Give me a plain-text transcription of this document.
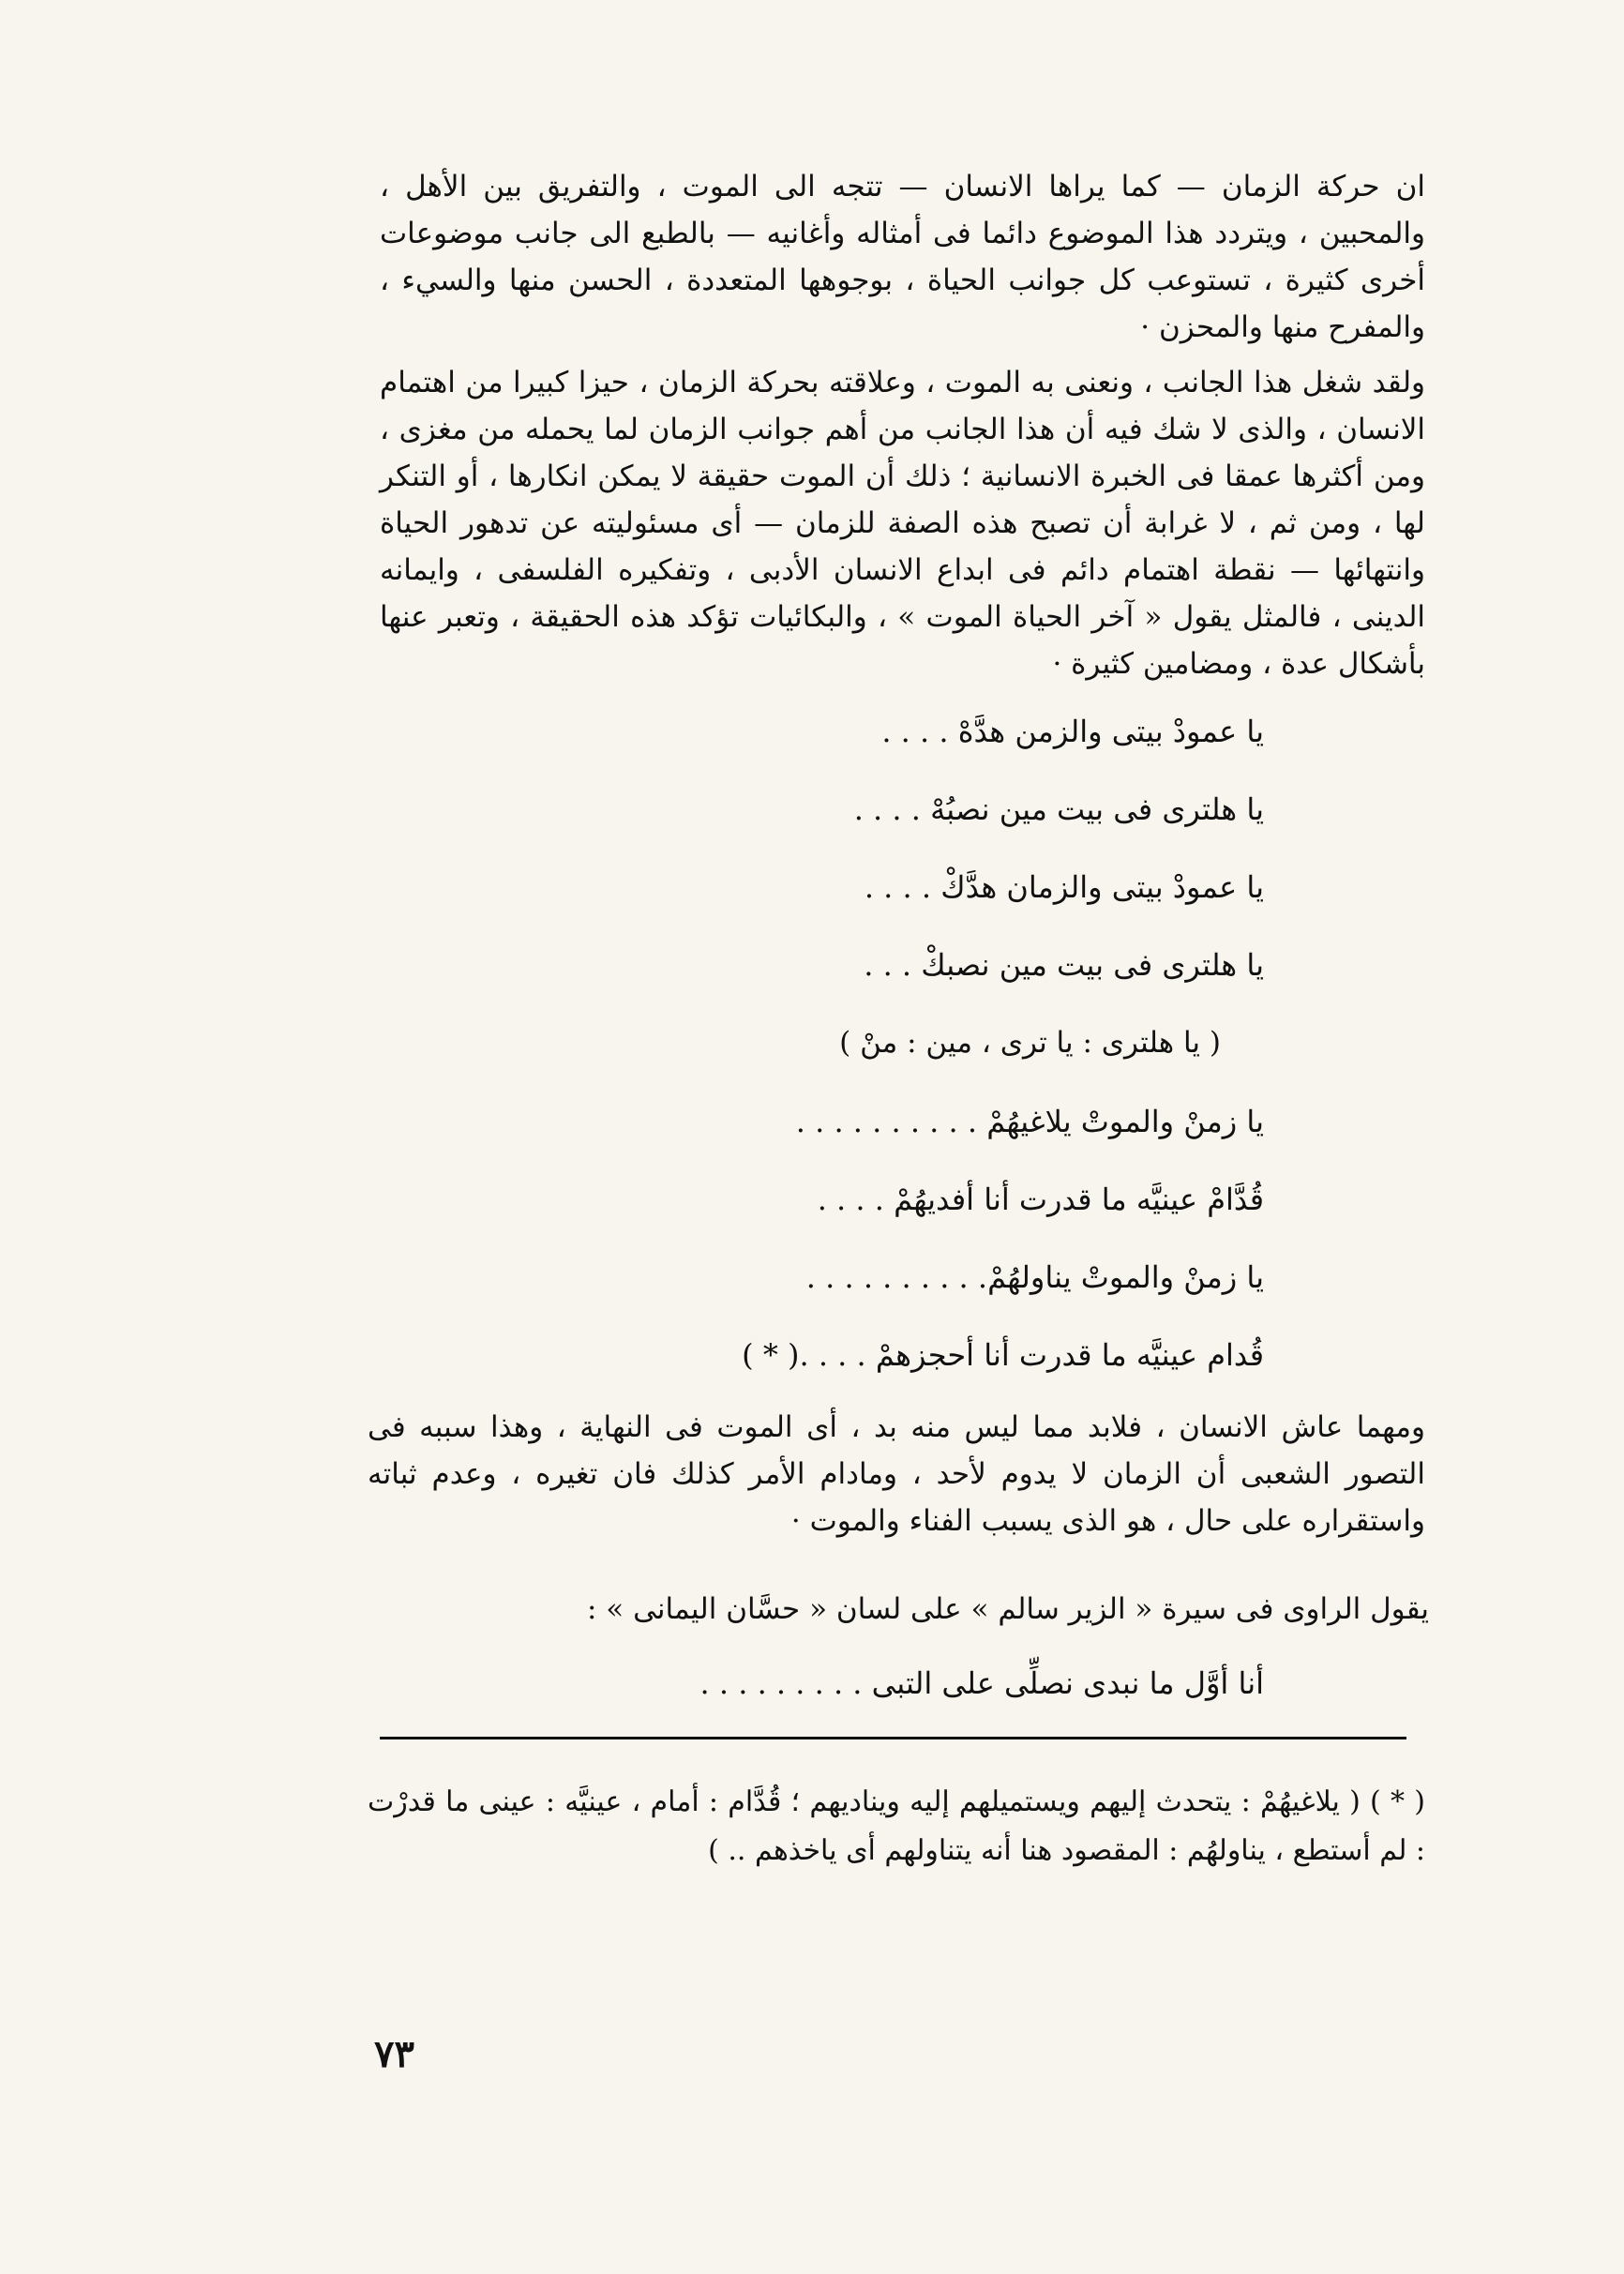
ان حركة الزمان — كما يراها الانسان — تتجه الى الموت ، والتفريق بين الأهل ، والمحبين ، ويتردد هذا الموضوع دائما فى أمثاله وأغانيه — بالطبع الى جانب موضوعات أخرى كثيرة ، تستوعب كل جوانب الحياة ، بوجوهها المتعددة ، الحسن منها والسيء ، والمفرح منها والمحزن ·
ولقد شغل هذا الجانب ، ونعنى به الموت ، وعلاقته بحركة الزمان ، حيزا كبيرا من اهتمام الانسان ، والذى لا شك فيه أن هذا الجانب من أهم جوانب الزمان لما يحمله من مغزى ، ومن أكثرها عمقا فى الخبرة الانسانية ؛ ذلك أن الموت حقيقة لا يمكن انكارها ، أو التنكر لها ، ومن ثم ، لا غرابة أن تصبح هذه الصفة للزمان — أى مسئوليته عن تدهور الحياة وانتهائها — نقطة اهتمام دائم فى ابداع الانسان الأدبى ، وتفكيره الفلسفى ، وايمانه الدينى ، فالمثل يقول « آخر الحياة الموت » ، والبكائيات تؤكد هذه الحقيقة ، وتعبر عنها بأشكال عدة ، ومضامين كثيرة ·
يا عمودْ بيتى والزمن هدَّهْ . . . .
يا هلترى فى بيت مين نصبُهْ . . . .
يا عمودْ بيتى والزمان هدَّكْ . . . .
يا هلترى فى بيت مين نصبكْ . . .
( يا هلترى : يا ترى ، مين : منْ )
يا زمنْ والموتْ يلاغيهُمْ . . . . . . . . . .
قُدَّامْ عينيَّه ما قدرت أنا أفديهُمْ . . . .
يا زمنْ والموتْ يناولهُمْ. . . . . . . . . .
قُدام عينيَّه ما قدرت أنا أحجزهمْ . . . .( * )
ومهما عاش الانسان ، فلابد مما ليس منه بد ، أى الموت فى النهاية ، وهذا سببه فى التصور الشعبى أن الزمان لا يدوم لأحد ، ومادام الأمر كذلك فان تغيره ، وعدم ثباته واستقراره على حال ، هو الذى يسبب الفناء والموت ·
يقول الراوى فى سيرة « الزير سالم » على لسان « حسَّان اليمانى » :
أنا أوَّل ما نبدى نصلِّى على التبى . . . . . . . . .
( * ) ( يلاغيهُمْ : يتحدث إليهم ويستميلهم إليه ويناديهم ؛ قُدَّام : أمام ، عينيَّه : عينى ما قدرْت : لم أستطع ، يناولهُم : المقصود هنا أنه يتناولهم أى ياخذهم .. )
٧٣
